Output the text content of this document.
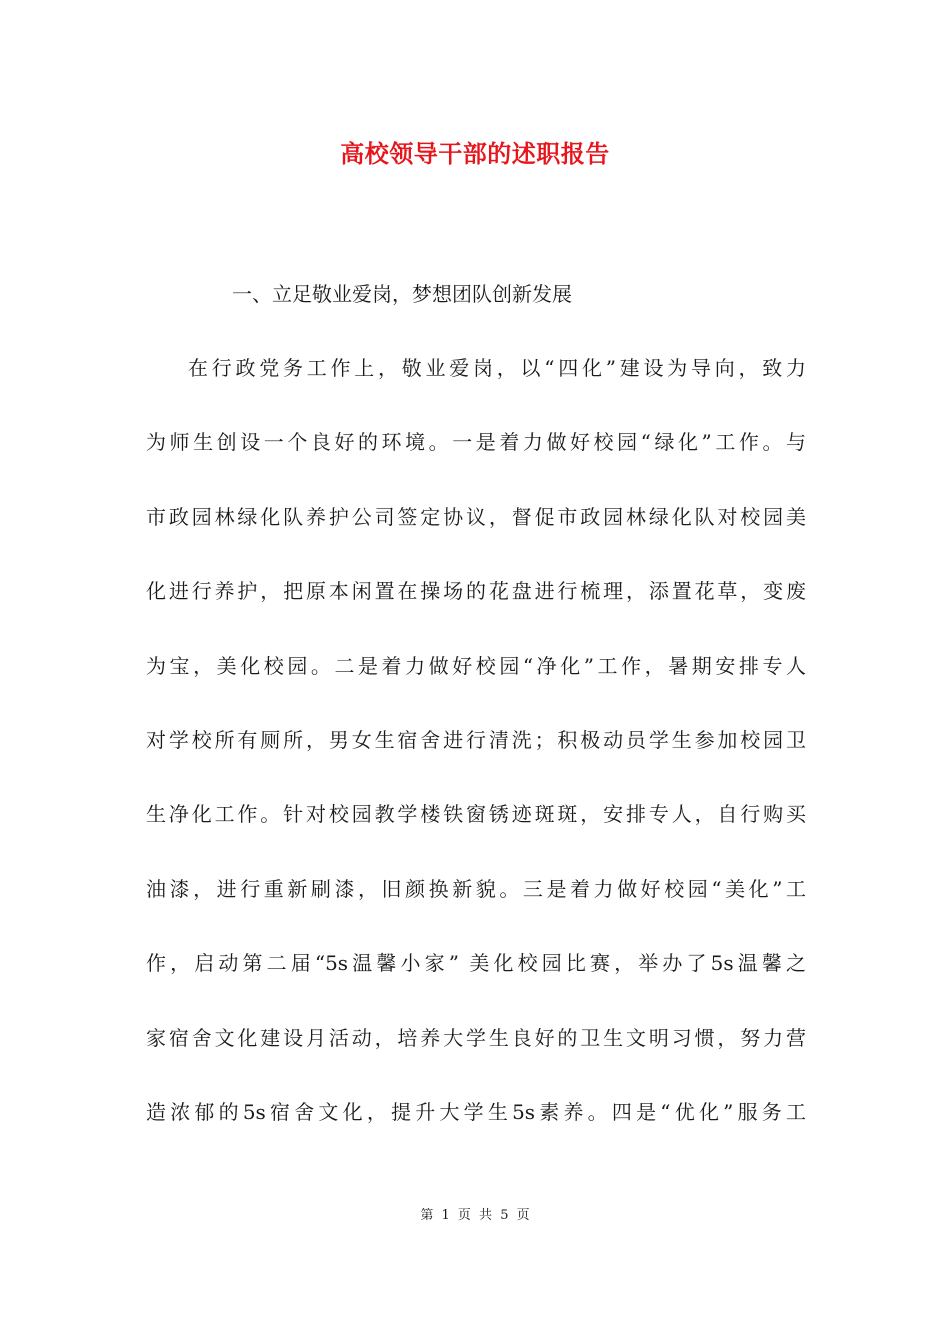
高校领导干部的述职报告
一、立足敬业爱岗，梦想团队创新发展
在行政党务工作上，敬业爱岗，以“四化”建设为导向，致力
为师生创设一个良好的环境。一是着力做好校园“绿化”工作。与
市政园林绿化队养护公司签定协议，督促市政园林绿化队对校园美
化进行养护，把原本闲置在操场的花盘进行梳理，添置花草，变废
为宝，美化校园。二是着力做好校园“净化”工作，暑期安排专人
对学校所有厕所，男女生宿舍进行清洗；积极动员学生参加校园卫
生净化工作。针对校园教学楼铁窗锈迹斑斑，安排专人，自行购买
油漆，进行重新刷漆，旧颜换新貌。三是着力做好校园“美化”工
作，启动第二届“5s温馨小家” 美化校园比赛，举办了5s温馨之
家宿舍文化建设月活动，培养大学生良好的卫生文明习惯，努力营
造浓郁的5s宿舍文化，提升大学生5s素养。四是“优化”服务工
第 1 页 共 5 页
